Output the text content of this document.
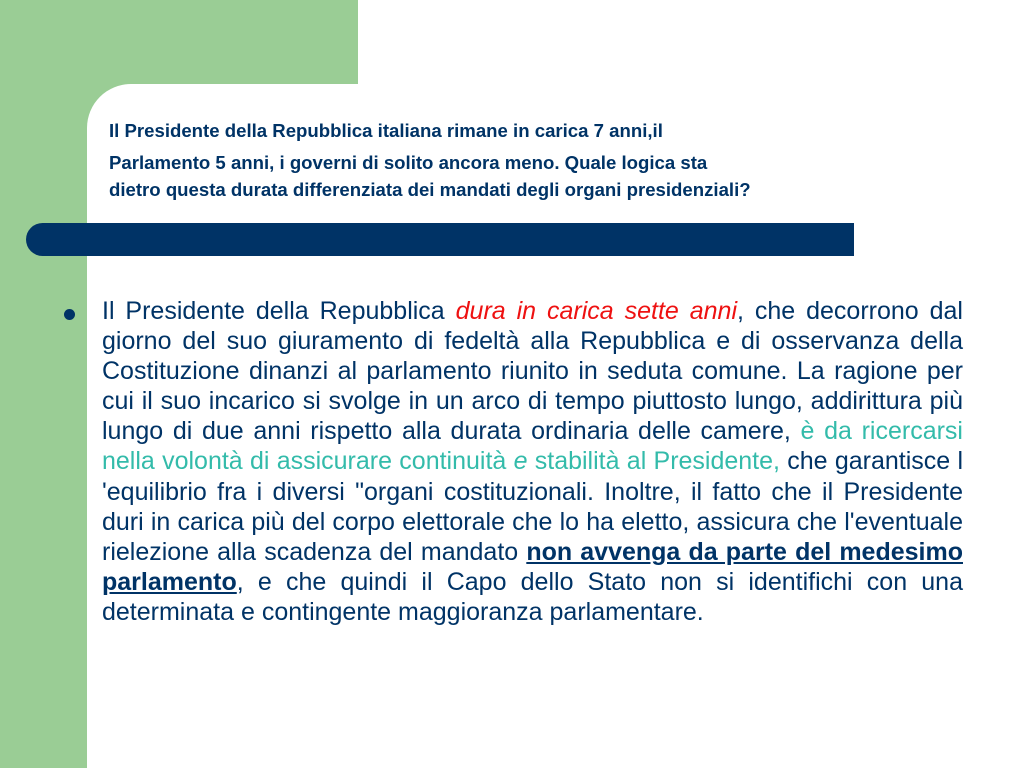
Il Presidente della Repubblica italiana rimane in carica 7 anni,il
Parlamento 5 anni, i governi di solito ancora meno. Quale logica sta
dietro questa durata differenziata dei mandati degli organi presidenziali?

Il Presidente della Repubblica dura in carica sette anni, che decorrono dal giorno del suo giuramento di fedeltà alla Repubblica e di osservanza della Costituzione dinanzi al parlamento riunito in seduta comune. La ragione per cui il suo incarico si svolge in un arco di tempo piuttosto lungo, addirittura più lungo di due anni rispetto alla durata ordinaria delle camere, è da ricercarsi nella volontà di assicurare continuità e stabilità al Presidente, che garantisce l 'equilibrio fra i diversi "organi costituzionali. Inoltre, il fatto che il Presidente duri in carica più del corpo elettorale che lo ha eletto, assicura che l'eventuale rielezione alla scadenza del mandato non avvenga da parte del medesimo parlamento, e che quindi il Capo dello Stato non si identifichi con una determinata e contingente maggioranza parlamentare.
